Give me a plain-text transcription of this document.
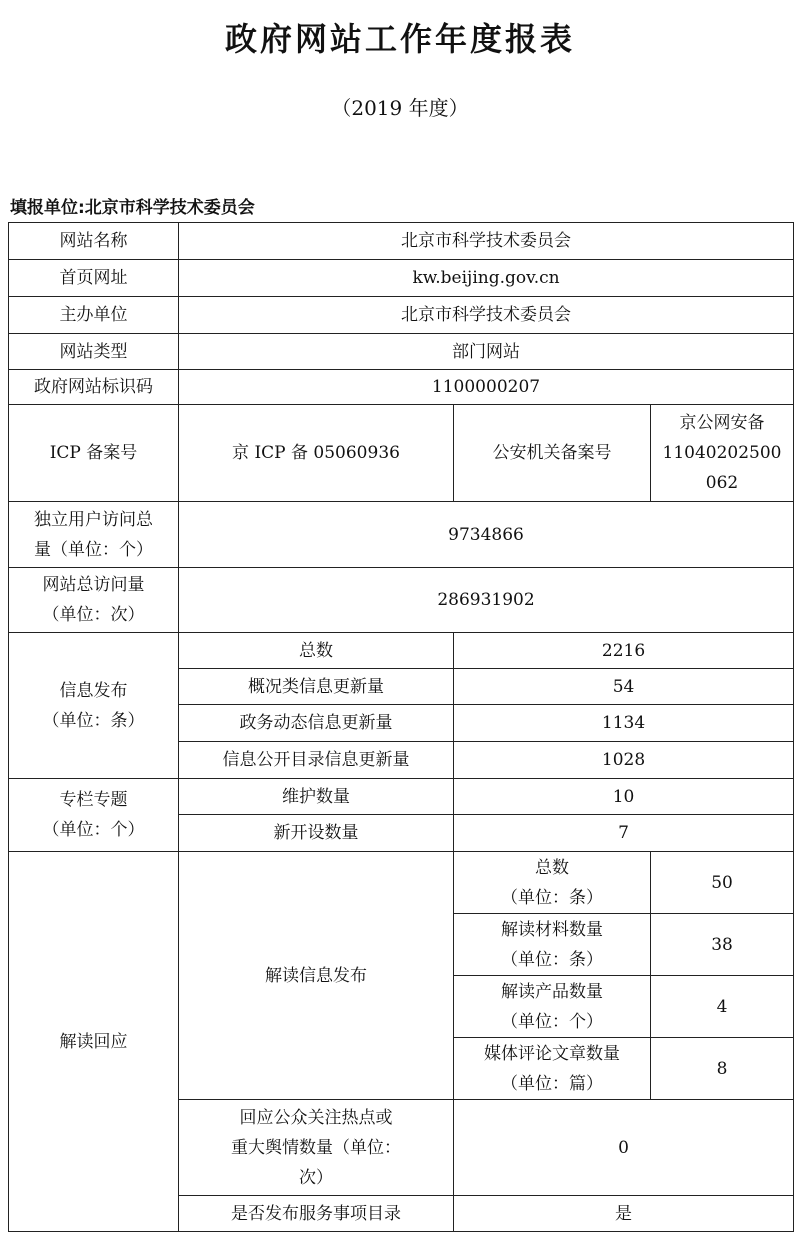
政府网站工作年度报表
（2019 年度）
填报单位:北京市科学技术委员会
网站名称	北京市科学技术委员会		
首页网址	kw.beijing.gov.cn		
主办单位	北京市科学技术委员会		
网站类型	部门网站		
政府网站标识码	1100000207		
ICP 备案号	京 ICP 备 05060936	公安机关备案号	京公网安备
11040202500
062

独立用户访问总
量（单位：个）	9734866		

网站总访问量
（单位：次）	286931902		

信息发布
（单位：条）	总数	2216	
	概况类信息更新量	54	
	政务动态信息更新量	1134	
	信息公开目录信息更新量	1028	

专栏专题
（单位：个）	维护数量	10	
	新开设数量	7	
解读回应	解读信息发布	总数
（单位：条）	50

		解读材料数量
（单位：条）	38

		解读产品数量
（单位：个）	4

		媒体评论文章数量
（单位：篇）	8

	回应公众关注热点或
重大舆情数量（单位：
次）	0	
	是否发布服务事项目录	是	
